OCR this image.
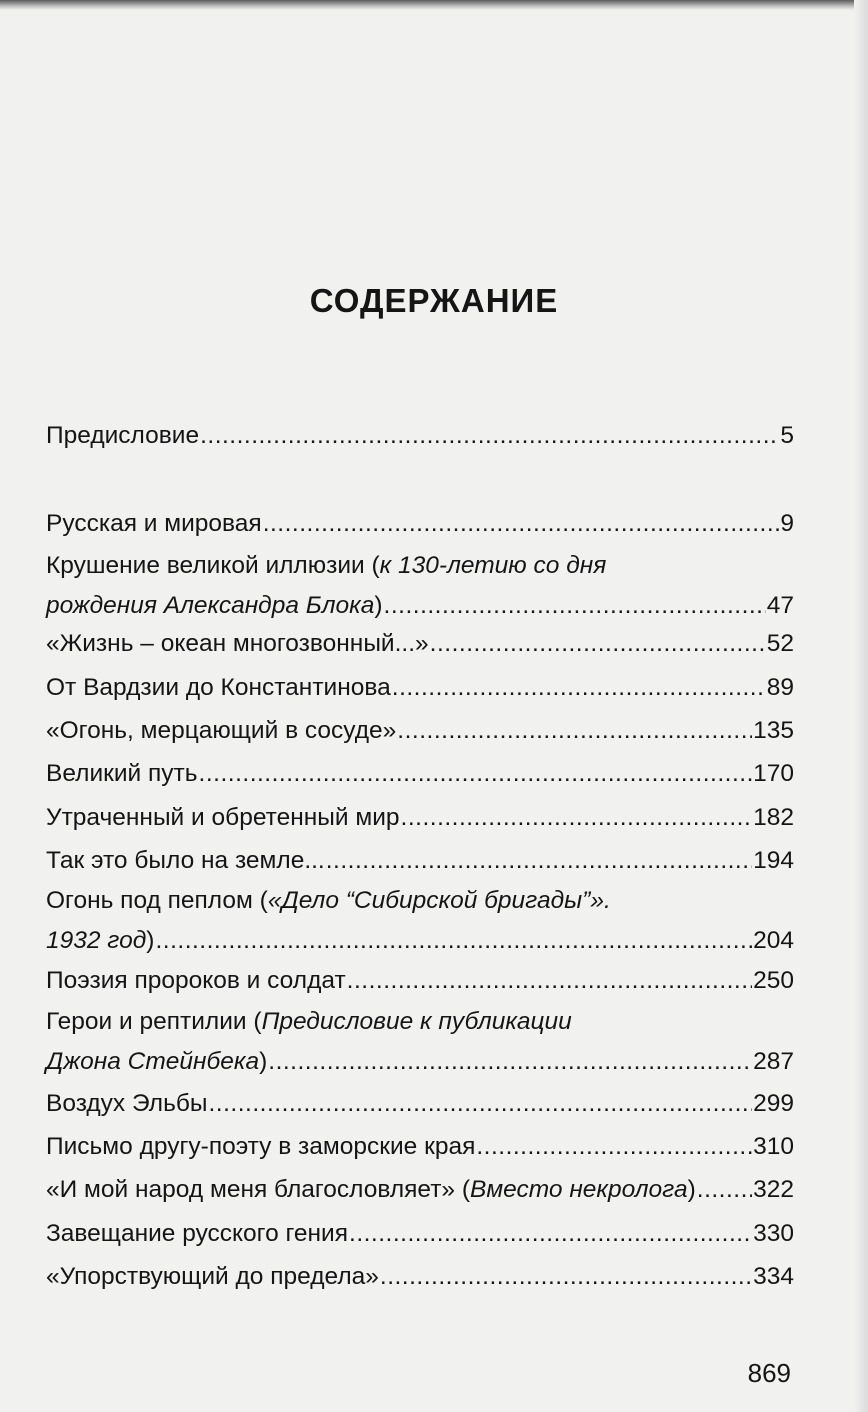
СОДЕРЖАНИЕ
Предисловие .....	5
Русская и мировая .....	9
Крушение великой иллюзии (к 130-летию со дня
рождения Александра Блока ) .....	47
«Жизнь – океан многозвонный...» .....	52
От Вардзии до Константинова .....	89
«Огонь, мерцающий в сосуде» .....	135
Великий путь .....	170
Утраченный и обретенный мир .....	182
Так это было на земле... .....	194
Огонь под пеплом («Дело “Сибирской бригады”».
1932 год ) .....	204
Поэзия пророков и солдат .....	250
Герои и рептилии (Предисловие к публикации
Джона Стейнбека ) .....	287
Воздух Эльбы .....	299
Письмо другу-поэту в заморские края .....	310
«И мой народ меня благословляет» ( Вместо некролога ) ..... 322
Завещание русского гения .....	330
«Упорствующий до предела» .....	334
869
